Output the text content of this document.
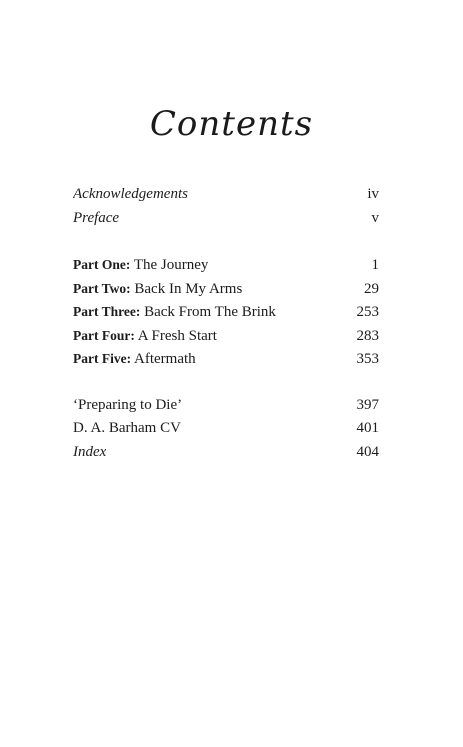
Contents
Acknowledgements	iv
Preface	v
Part One: The Journey	1
Part Two: Back In My Arms	29
Part Three: Back From The Brink	253
Part Four: A Fresh Start	283
Part Five: Aftermath	353
‘Preparing to Die’	397
D. A. Barham CV	401
Index	404
